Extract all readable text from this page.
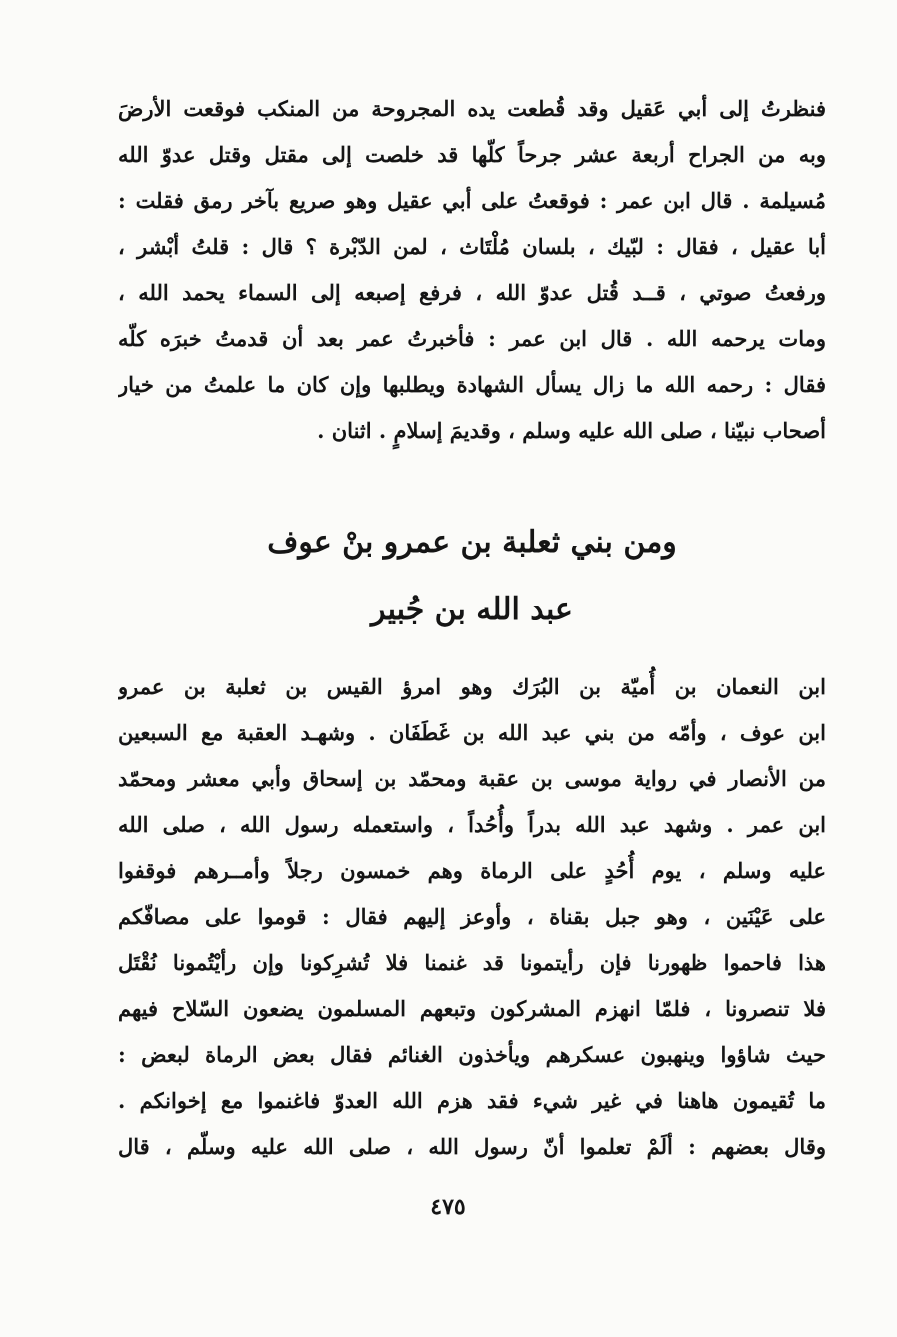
فنظرتُ إلى أبي عَقيل وقد قُطعت يده المجروحة من المنكب فوقعت الأرضَ
وبه من الجراح أربعة عشر جرحاً كلّها قد خلصت إلى مقتل وقتل عدوّ الله
مُسيلمة . قال ابن عمر : فوقعتُ على أبي عقيل وهو صريع بآخر رمق فقلت :
أبا عقيل ، فقال : لبّيك ، بلسان مُلْتَاث ، لمن الدّبْرة ؟ قال : قلتُ أبْشر ،
ورفعتُ صوتي ، قــد قُتل عدوّ الله ، فرفع إصبعه إلى السماء يحمد الله ،
ومات يرحمه الله . قال ابن عمر : فأخبرتُ عمر بعد أن قدمتُ خبرَه كلّه
فقال : رحمه الله ما زال يسأل الشهادة ويطلبها وإن كان ما علمتُ من خيار
أصحاب نبيّنا ، صلى الله عليه وسلم ، وقديمَ إسلامٍ . اثنان .
ومن بني ثعلبة بن عمرو بنْ عوف
عبد الله بن جُبير
ابن النعمان بن أُميّة بن البُرَك وهو امرؤ القيس بن ثعلبة بن عمرو
ابن عوف ، وأمّه من بني عبد الله بن غَطَفَان . وشهـد العقبة مع السبعين
من الأنصار في رواية موسى بن عقبة ومحمّد بن إسحاق وأبي معشر ومحمّد
ابن عمر . وشهد عبد الله بدراً وأُحُداً ، واستعمله رسول الله ، صلى الله
عليه وسلم ، يوم أُحُدٍ على الرماة وهم خمسون رجلاً وأمــرهم فوقفوا
على عَيْنَين ، وهو جبل بقناة ، وأوعز إليهم فقال : قوموا على مصافّكم
هذا فاحموا ظهورنا فإن رأيتمونا قد غنمنا فلا تُشرِكونا وإن رأيْتُمونا نُقْتَل
فلا تنصرونا ، فلمّا انهزم المشركون وتبعهم المسلمون يضعون السّلاح فيهم
حيث شاؤوا وينهبون عسكرهم ويأخذون الغنائم فقال بعض الرماة لبعض :
ما تُقيمون هاهنا في غير شيء فقد هزم الله العدوّ فاغنموا مع إخوانكم .
وقال بعضهم : ألَمْ تعلموا أنّ رسول الله ، صلى الله عليه وسلّم ، قال
٤٧٥
